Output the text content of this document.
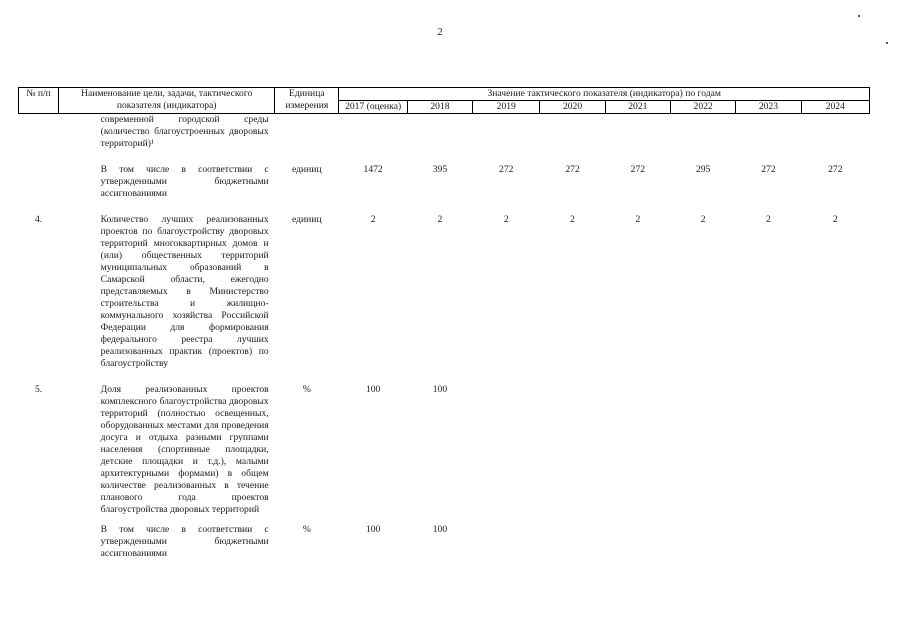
2
№ п/п	Наименование цели, задачи, тактического показателя (индикатора)	Единица измерения	Значение тактического показателя (индикатора) по годам							
			2017 (оценка)	2018	2019	2020	2021	2022	2023	2024
	современной городской среды (количество благоустроенных дворовых территорий)¹									

	В том числе в соответствии с утвержденными бюджетными ассигнованиями	единиц	1472	395	272	272	272	295	272	272

4.	Количество лучших реализованных проектов по благоустройству дворовых территорий многоквартирных домов и (или) общественных территорий муниципальных образований в Самарской области, ежегодно представляемых в Министерство строительства и жилищно-коммунального хозяйства Российской Федерации для формирования федерального реестра лучших реализованных практик (проектов) по благоустройству	единиц	2	2	2	2	2	2	2	2

5.	Доля реализованных проектов комплексного благоустройства дворовых территорий (полностью освещенных, оборудованных местами для проведения досуга и отдыха разными группами населения (спортивные площадки, детские площадки и т.д.), малыми архитектурными формами) в общем количестве реализованных в течение планового года проектов благоустройства дворовых территорий	%	100	100						

	В том числе в соответствии с утвержденными бюджетными ассигнованиями	%	100	100						
